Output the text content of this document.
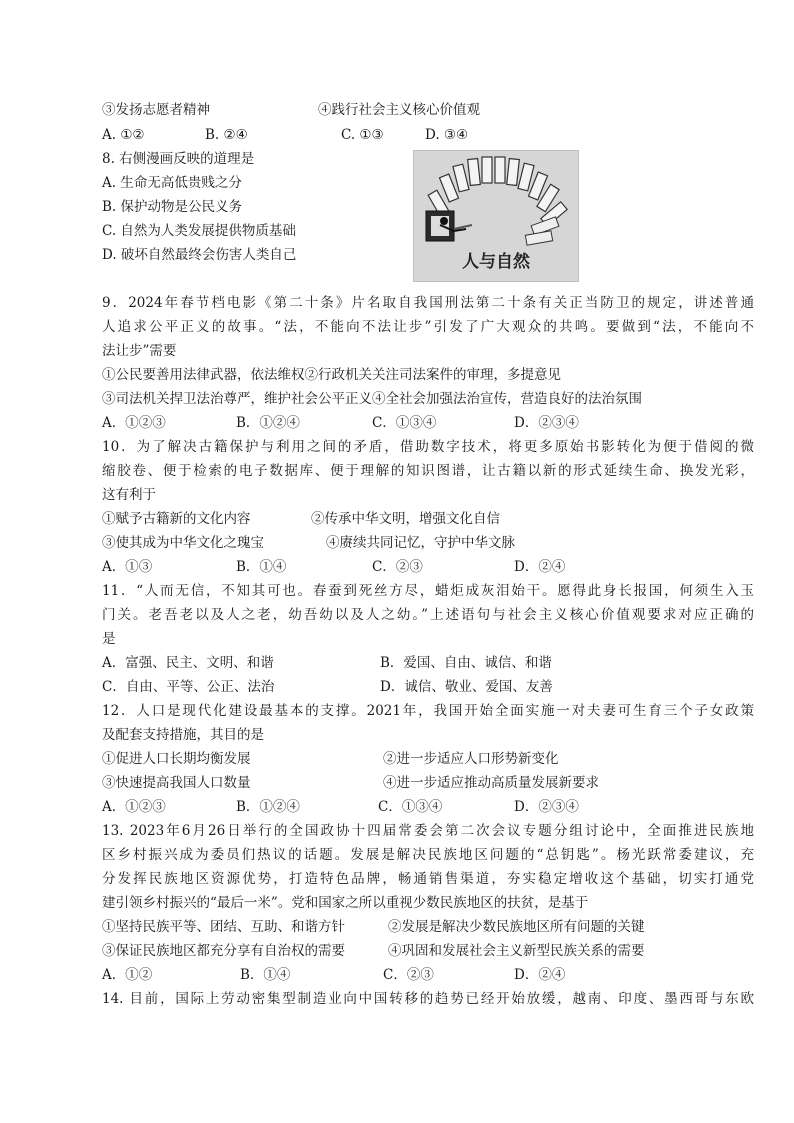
③发扬志愿者精神	④践行社会主义核心价值观
A. ①②	B. ②④	C. ①③	D. ③④
8. 右侧漫画反映的道理是
A. 生命无高低贵贱之分
B. 保护动物是公民义务
C. 自然为人类发展提供物质基础
D. 破坏自然最终会伤害人类自己	人与自然
9．2024年春节档电影《第二十条》片名取自我国刑法第二十条有关正当防卫的规定，讲述普通
人追求公平正义的故事。“法，不能向不法让步”引发了广大观众的共鸣。要做到“法，不能向不
法让步”需要
①公民要善用法律武器，依法维权②行政机关关注司法案件的审理，多提意见
③司法机关捍卫法治尊严，维护社会公平正义④全社会加强法治宣传，营造良好的法治氛围
A．①②③	B．①②④	C．①③④	D．②③④
10．为了解决古籍保护与利用之间的矛盾，借助数字技术，将更多原始书影转化为便于借阅的微
缩胶卷、便于检索的电子数据库、便于理解的知识图谱，让古籍以新的形式延续生命、换发光彩，
这有利于
①赋予古籍新的文化内容	②传承中华文明，增强文化自信
③使其成为中华文化之瑰宝	④赓续共同记忆，守护中华文脉
A．①③	B．①④	C．②③	D．②④
11．“人而无信，不知其可也。春蚕到死丝方尽，蜡炬成灰泪始干。愿得此身长报国，何须生入玉
门关。老吾老以及人之老，幼吾幼以及人之幼。”上述语句与社会主义核心价值观要求对应正确的
是
A．富强、民主、文明、和谐	B．爱国、自由、诚信、和谐
C．自由、平等、公正、法治	D．诚信、敬业、爱国、友善
12．人口是现代化建设最基本的支撑。2021年，我国开始全面实施一对夫妻可生育三个子女政策
及配套支持措施，其目的是
①促进人口长期均衡发展	②进一步适应人口形势新变化
③快速提高我国人口数量	④进一步适应推动高质量发展新要求
A．①②③	B．①②④	C．①③④	D．②③④
13. 2023年6月26日举行的全国政协十四届常委会第二次会议专题分组讨论中，全面推进民族地
区乡村振兴成为委员们热议的话题。发展是解决民族地区问题的“总钥匙”。杨光跃常委建议，充
分发挥民族地区资源优势，打造特色品牌，畅通销售渠道，夯实稳定增收这个基础，切实打通党
建引领乡村振兴的“最后一米”。党和国家之所以重视少数民族地区的扶贫，是基于
①坚持民族平等、团结、互助、和谐方针	②发展是解决少数民族地区所有问题的关键
③保证民族地区都充分享有自治权的需要	④巩固和发展社会主义新型民族关系的需要
A．①②	B．①④	C．②③	D．②④
14. 目前，国际上劳动密集型制造业向中国转移的趋势已经开始放缓，越南、印度、墨西哥与东欧
